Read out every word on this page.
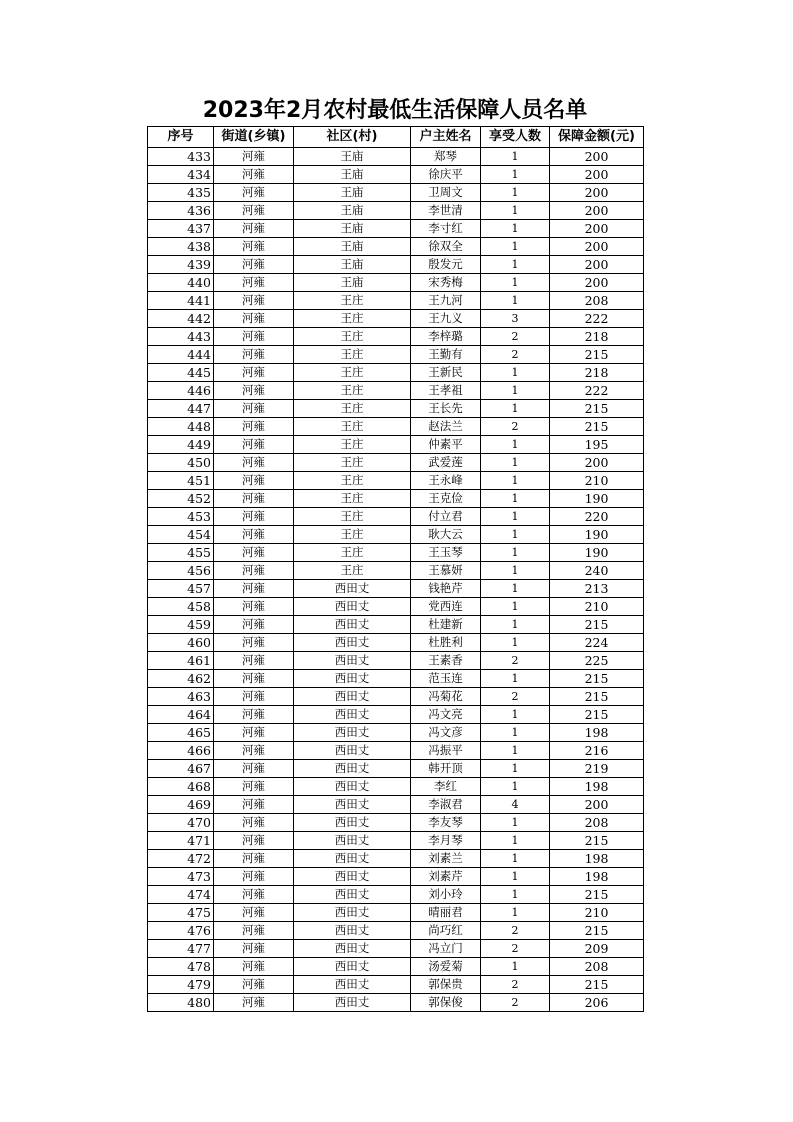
2023年2月农村最低生活保障人员名单
序号	街道(乡镇)	社区(村)	户主姓名	享受人数	保障金额(元)
433	河雍	王庙	郑琴	1	200
434	河雍	王庙	徐庆平	1	200
435	河雍	王庙	卫周文	1	200
436	河雍	王庙	李世清	1	200
437	河雍	王庙	李寸红	1	200
438	河雍	王庙	徐双全	1	200
439	河雍	王庙	殷发元	1	200
440	河雍	王庙	宋秀梅	1	200
441	河雍	王庄	王九河	1	208
442	河雍	王庄	王九义	3	222
443	河雍	王庄	李梓璐	2	218
444	河雍	王庄	王勤有	2	215
445	河雍	王庄	王新民	1	218
446	河雍	王庄	王孝祖	1	222
447	河雍	王庄	王长先	1	215
448	河雍	王庄	赵法兰	2	215
449	河雍	王庄	仲素平	1	195
450	河雍	王庄	武爱莲	1	200
451	河雍	王庄	王永峰	1	210
452	河雍	王庄	王克俭	1	190
453	河雍	王庄	付立君	1	220
454	河雍	王庄	耿大云	1	190
455	河雍	王庄	王玉琴	1	190
456	河雍	王庄	王慕妍	1	240
457	河雍	西田丈	钱艳芹	1	213
458	河雍	西田丈	党西连	1	210
459	河雍	西田丈	杜建新	1	215
460	河雍	西田丈	杜胜利	1	224
461	河雍	西田丈	王素香	2	225
462	河雍	西田丈	范玉连	1	215
463	河雍	西田丈	冯菊花	2	215
464	河雍	西田丈	冯文亮	1	215
465	河雍	西田丈	冯文彦	1	198
466	河雍	西田丈	冯振平	1	216
467	河雍	西田丈	韩开顶	1	219
468	河雍	西田丈	李红	1	198
469	河雍	西田丈	李淑君	4	200
470	河雍	西田丈	李友琴	1	208
471	河雍	西田丈	李月琴	1	215
472	河雍	西田丈	刘素兰	1	198
473	河雍	西田丈	刘素芹	1	198
474	河雍	西田丈	刘小玲	1	215
475	河雍	西田丈	晴丽君	1	210
476	河雍	西田丈	尚巧红	2	215
477	河雍	西田丈	冯立门	2	209
478	河雍	西田丈	汤爱菊	1	208
479	河雍	西田丈	郭保贵	2	215
480	河雍	西田丈	郭保俊	2	206
